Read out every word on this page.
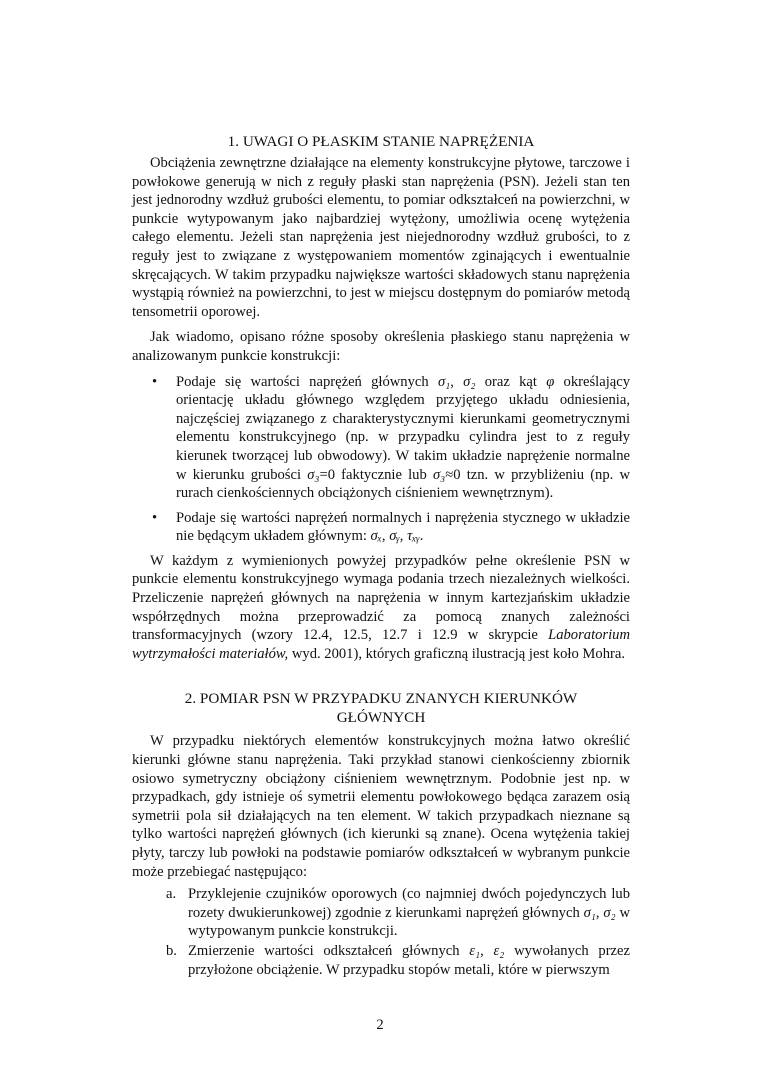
1. UWAGI O PŁASKIM STANIE NAPRĘŻENIA

Obciążenia zewnętrzne działające na elementy konstrukcyjne płytowe, tarczowe i powłokowe generują w nich z reguły płaski stan naprężenia (PSN). Jeżeli stan ten jest jednorodny wzdłuż grubości elementu, to pomiar odkształceń na powierzchni, w punkcie wytypowanym jako najbardziej wytężony, umożliwia ocenę wytężenia całego elementu. Jeżeli stan naprężenia jest niejednorodny wzdłuż grubości, to z reguły jest to związane z występowaniem momentów zginających i ewentualnie skręcających. W takim przypadku największe wartości składowych stanu naprężenia wystąpią również na powierzchni, to jest w miejscu dostępnym do pomiarów metodą tensometrii oporowej.

Jak wiadomo, opisano różne sposoby określenia płaskiego stanu naprężenia w analizowanym punkcie konstrukcji:

• Podaje się wartości naprężeń głównych σ₁, σ₂ oraz kąt φ określający orientację układu głównego względem przyjętego układu odniesienia, najczęściej związanego z charakterystycznymi kierunkami geometrycznymi elementu konstrukcyjnego (np. w przypadku cylindra jest to z reguły kierunek tworzącej lub obwodowy). W takim układzie naprężenie normalne w kierunku grubości σ₃=0 faktycznie lub σ₃≈0 tzn. w przybliżeniu (np. w rurach cienkościennych obciążonych ciśnieniem wewnętrznym).
• Podaje się wartości naprężeń normalnych i naprężenia stycznego w układzie nie będącym układem głównym: σₓ, σᵧ, τₓᵧ.

W każdym z wymienionych powyżej przypadków pełne określenie PSN w punkcie elementu konstrukcyjnego wymaga podania trzech niezależnych wielkości. Przeliczenie naprężeń głównych na naprężenia w innym kartezjańskim układzie współrzędnych można przeprowadzić za pomocą znanych zależności transformacyjnych (wzory 12.4, 12.5, 12.7 i 12.9 w skrypcie Laboratorium wytrzymałości materiałów, wyd. 2001), których graficzną ilustracją jest koło Mohra.

2. POMIAR PSN W PRZYPADKU ZNANYCH KIERUNKÓW
GŁÓWNYCH

W przypadku niektórych elementów konstrukcyjnych można łatwo określić kierunki główne stanu naprężenia. Taki przykład stanowi cienkościenny zbiornik osiowo symetryczny obciążony ciśnieniem wewnętrznym. Podobnie jest np. w przypadkach, gdy istnieje oś symetrii elementu powłokowego będąca zarazem osią symetrii pola sił działających na ten element. W takich przypadkach nieznane są tylko wartości naprężeń głównych (ich kierunki są znane). Ocena wytężenia takiej płyty, tarczy lub powłoki na podstawie pomiarów odkształceń w wybranym punkcie może przebiegać następująco:

a. Przyklejenie czujników oporowych (co najmniej dwóch pojedynczych lub rozety dwukierunkowej) zgodnie z kierunkami naprężeń głównych σ₁, σ₂ w wytypowanym punkcie konstrukcji.
b. Zmierzenie wartości odkształceń głównych ε₁, ε₂ wywołanych przez przyłożone obciążenie. W przypadku stopów metali, które w pierwszym
2
